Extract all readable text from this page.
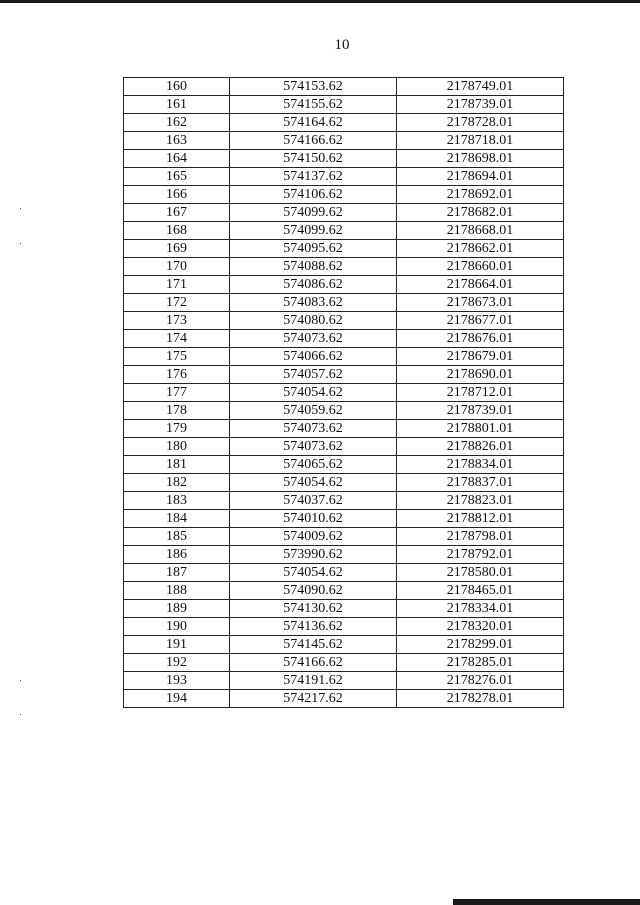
10
160	574153.62	2178749.01
161	574155.62	2178739.01
162	574164.62	2178728.01
163	574166.62	2178718.01
164	574150.62	2178698.01
165	574137.62	2178694.01
166	574106.62	2178692.01
167	574099.62	2178682.01
168	574099.62	2178668.01
169	574095.62	2178662.01
170	574088.62	2178660.01
171	574086.62	2178664.01
172	574083.62	2178673.01
173	574080.62	2178677.01
174	574073.62	2178676.01
175	574066.62	2178679.01
176	574057.62	2178690.01
177	574054.62	2178712.01
178	574059.62	2178739.01
179	574073.62	2178801.01
180	574073.62	2178826.01
181	574065.62	2178834.01
182	574054.62	2178837.01
183	574037.62	2178823.01
184	574010.62	2178812.01
185	574009.62	2178798.01
186	573990.62	2178792.01
187	574054.62	2178580.01
188	574090.62	2178465.01
189	574130.62	2178334.01
190	574136.62	2178320.01
191	574145.62	2178299.01
192	574166.62	2178285.01
193	574191.62	2178276.01
194	574217.62	2178278.01
